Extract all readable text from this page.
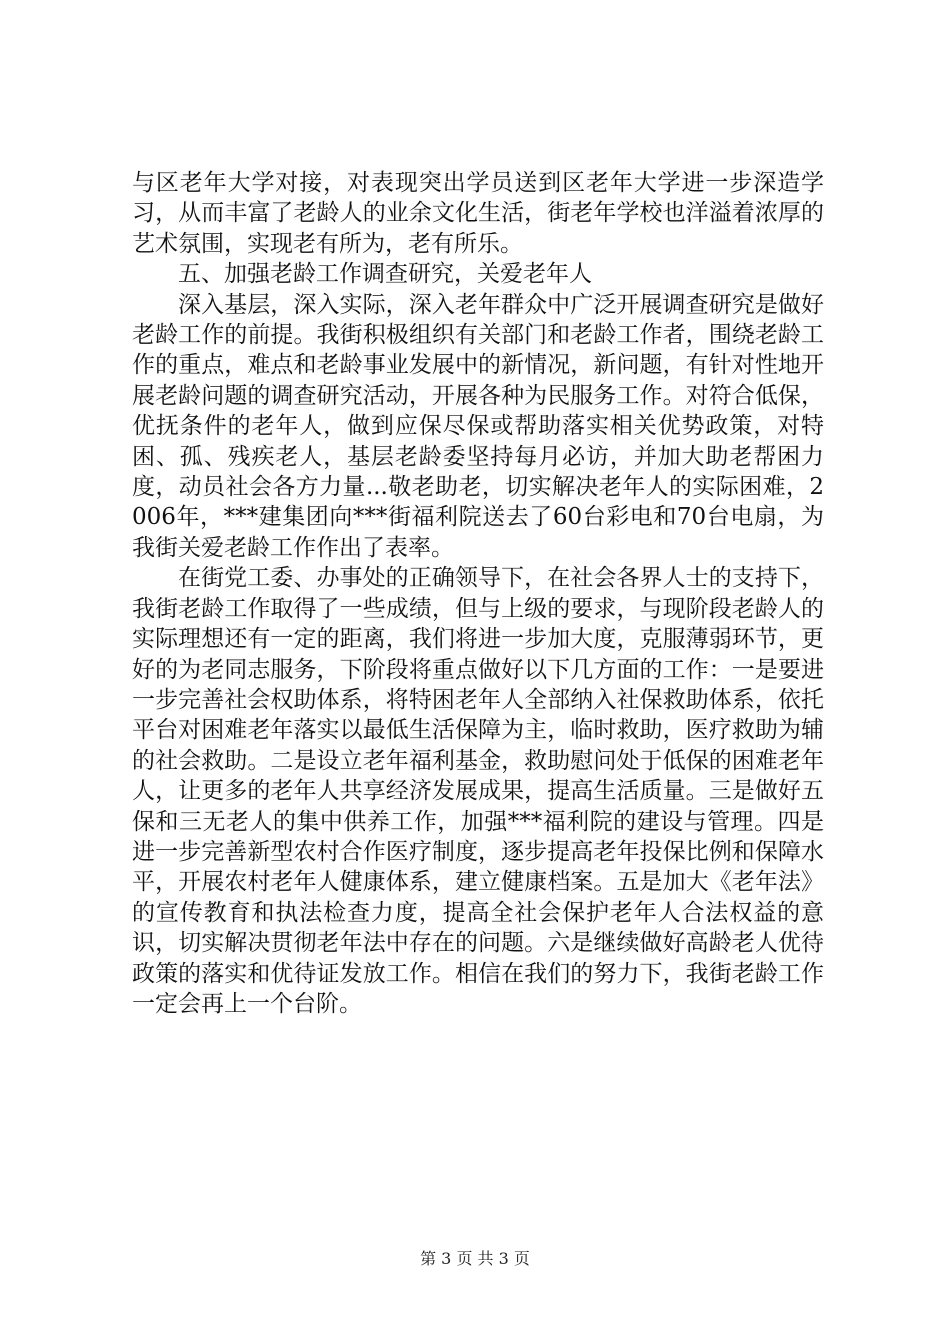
与区老年大学对接，对表现突出学员送到区老年大学进一步深造学习，从而丰富了老龄人的业余文化生活，街老年学校也洋溢着浓厚的艺术氛围，实现老有所为，老有所乐。

五、加强老龄工作调查研究，关爱老年人

深入基层，深入实际，深入老年群众中广泛开展调查研究是做好老龄工作的前提。我街积极组织有关部门和老龄工作者，围绕老龄工作的重点，难点和老龄事业发展中的新情况，新问题，有针对性地开展老龄问题的调查研究活动，开展各种为民服务工作。对符合低保，优抚条件的老年人，做到应保尽保或帮助落实相关优势政策，对特困、孤、残疾老人，基层老龄委坚持每月必访，并加大助老帮困力度，动员社会各方力量...敬老助老，切实解决老年人的实际困难，2006年，***建集团向***街福利院送去了60台彩电和70台电扇，为我街关爱老龄工作作出了表率。

在街党工委、办事处的正确领导下，在社会各界人士的支持下，我街老龄工作取得了一些成绩，但与上级的要求，与现阶段老龄人的实际理想还有一定的距离，我们将进一步加大度，克服薄弱环节，更好的为老同志服务，下阶段将重点做好以下几方面的工作：一是要进一步完善社会权助体系，将特困老年人全部纳入社保救助体系，依托平台对困难老年落实以最低生活保障为主，临时救助，医疗救助为辅的社会救助。二是设立老年福利基金，救助慰问处于低保的困难老年人，让更多的老年人共享经济发展成果，提高生活质量。三是做好五保和三无老人的集中供养工作，加强***福利院的建设与管理。四是进一步完善新型农村合作医疗制度，逐步提高老年投保比例和保障水平，开展农村老年人健康体系，建立健康档案。五是加大《老年法》的宣传教育和执法检查力度，提高全社会保护老年人合法权益的意识，切实解决贯彻老年法中存在的问题。六是继续做好高龄老人优待政策的落实和优待证发放工作。相信在我们的努力下，我街老龄工作一定会再上一个台阶。

第 3 页 共 3 页
